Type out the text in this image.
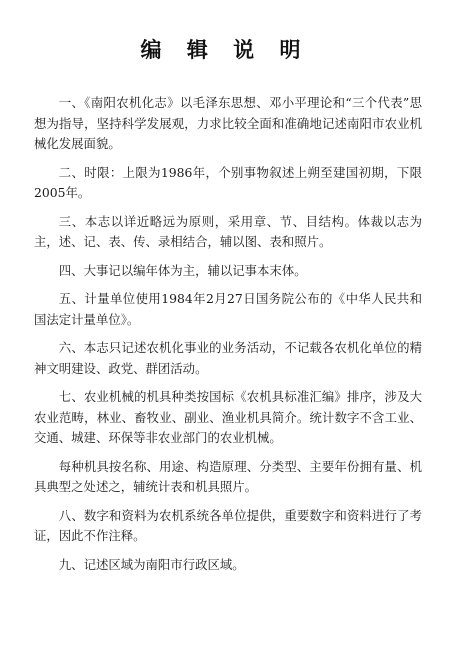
编 辑 说 明

一、《南阳农机化志》以毛泽东思想、邓小平理论和“三个代表”思想为指导，坚持科学发展观，力求比较全面和准确地记述南阳市农业机械化发展面貌。

二、时限：上限为1986年，个别事物叙述上朔至建国初期，下限2005年。

三、本志以详近略远为原则，采用章、节、目结构。体裁以志为主，述、记、表、传、录相结合，辅以图、表和照片。

四、大事记以编年体为主，辅以记事本末体。

五、计量单位使用1984年2月27日国务院公布的《中华人民共和国法定计量单位》。

六、本志只记述农机化事业的业务活动，不记载各农机化单位的精神文明建设、政党、群团活动。

七、农业机械的机具种类按国标《农机具标准汇编》排序，涉及大农业范畴，林业、畜牧业、副业、渔业机具简介。统计数字不含工业、交通、城建、环保等非农业部门的农业机械。

每种机具按名称、用途、构造原理、分类型、主要年份拥有量、机具典型之处述之，辅统计表和机具照片。

八、数字和资料为农机系统各单位提供，重要数字和资料进行了考证，因此不作注释。

九、记述区域为南阳市行政区域。
